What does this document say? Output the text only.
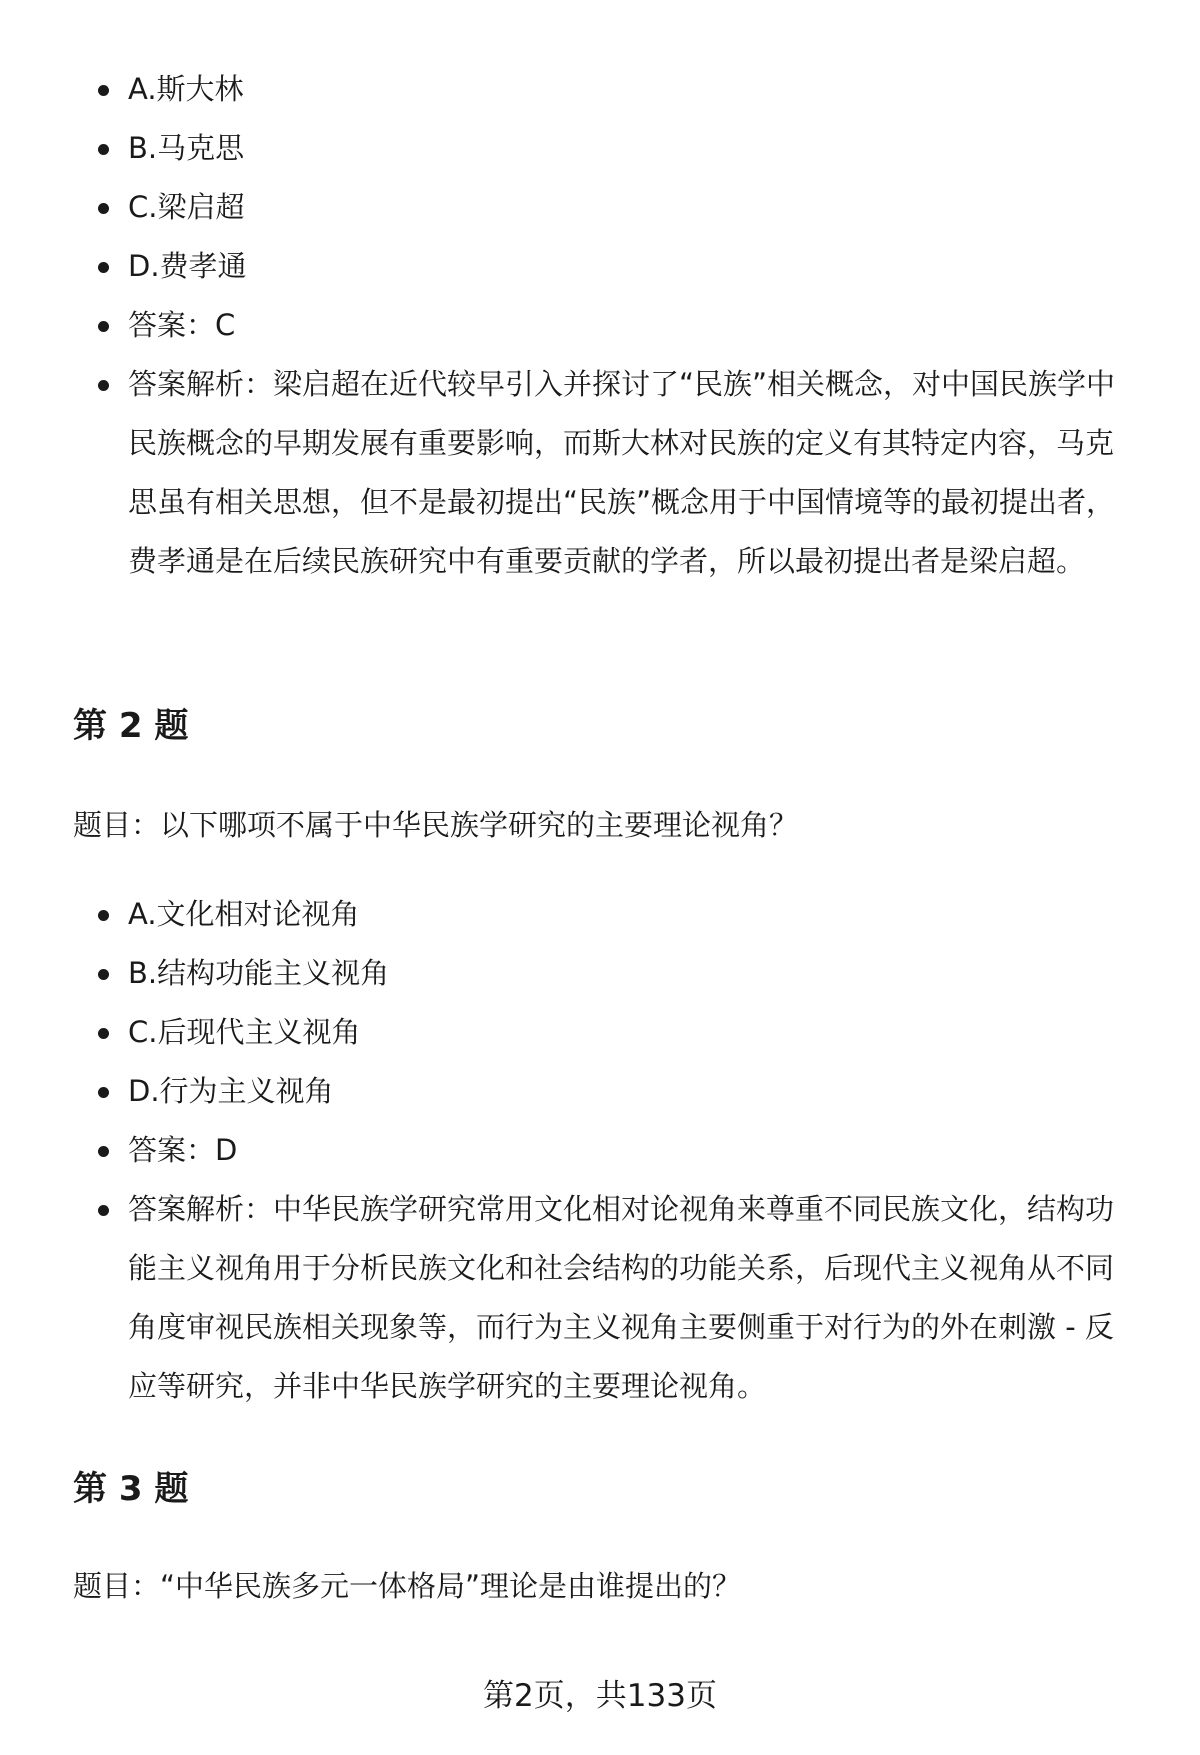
A.斯大林
B.马克思
C.梁启超
D.费孝通
答案：C
答案解析：梁启超在近代较早引入并探讨了“民族”相关概念，对中国民族学中民族概念的早期发展有重要影响，而斯大林对民族的定义有其特定内容，马克思虽有相关思想，但不是最初提出“民族”概念用于中国情境等的最初提出者，费孝通是在后续民族研究中有重要贡献的学者，所以最初提出者是梁启超。
第 2 题
题目：以下哪项不属于中华民族学研究的主要理论视角？
A.文化相对论视角
B.结构功能主义视角
C.后现代主义视角
D.行为主义视角
答案：D
答案解析：中华民族学研究常用文化相对论视角来尊重不同民族文化，结构功能主义视角用于分析民族文化和社会结构的功能关系，后现代主义视角从不同角度审视民族相关现象等，而行为主义视角主要侧重于对行为的外在刺激 - 反应等研究，并非中华民族学研究的主要理论视角。
第 3 题
题目：“中华民族多元一体格局”理论是由谁提出的？
第2页，共133页
